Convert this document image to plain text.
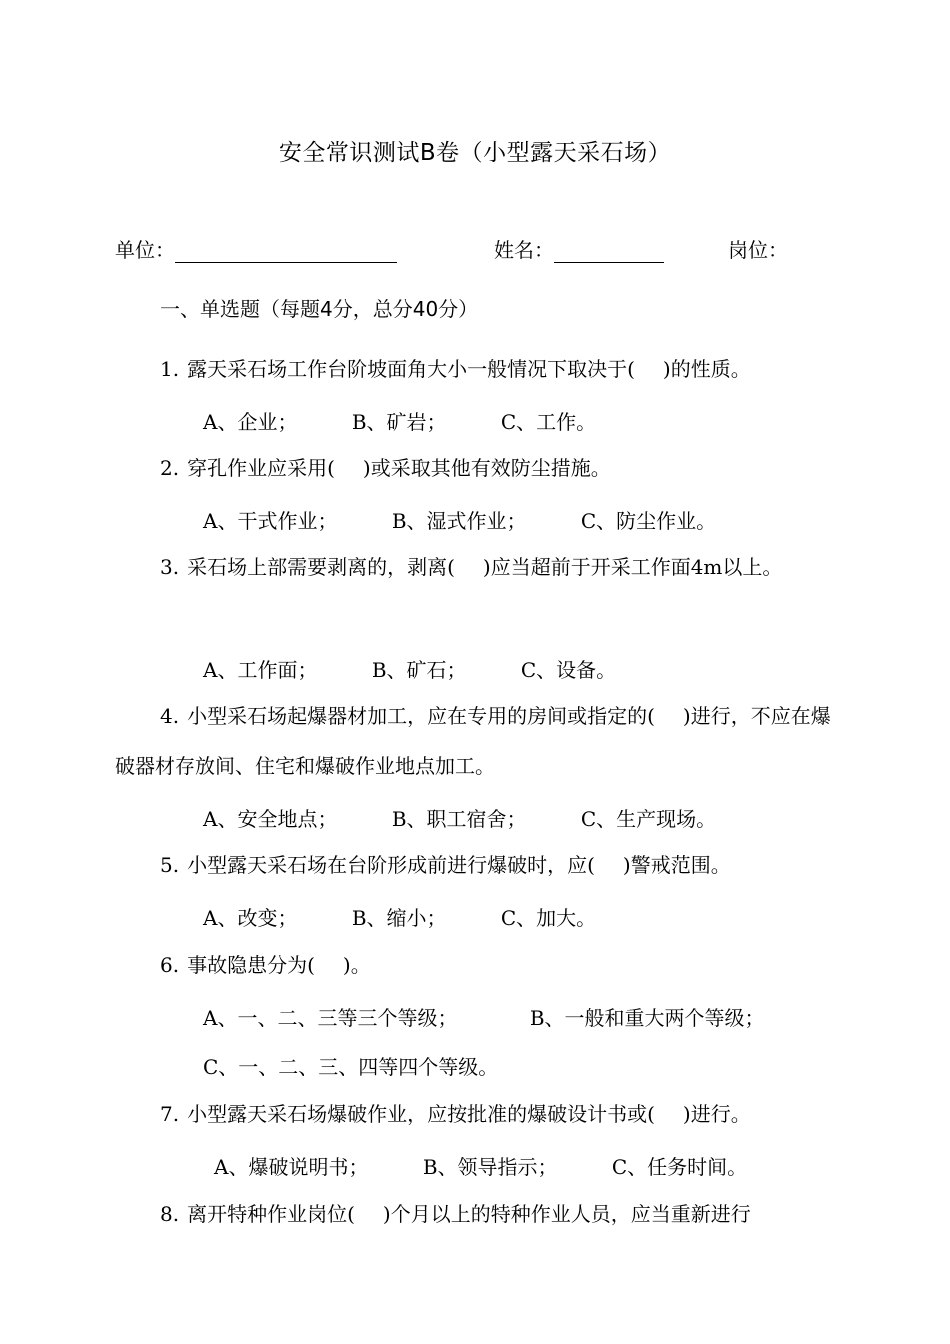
安全常识测试B卷（小型露天采石场）
单位：	姓名：	岗位：
一、单选题（每题4分，总分40分）
1. 露天采石场工作台阶坡面角大小一般情况下取决于( )的性质。
A、企业；	B、矿岩；	C、工作。
2. 穿孔作业应采用( )或采取其他有效防尘措施。
A、干式作业；	B、湿式作业；	C、防尘作业。
3. 采石场上部需要剥离的，剥离( )应当超前于开采工作面4m以上。
A、工作面；	B、矿石；	C、设备。
4. 小型采石场起爆器材加工，应在专用的房间或指定的( )进行，不应在爆破器材存放间、住宅和爆破作业地点加工。
A、安全地点；	B、职工宿舍；	C、生产现场。
5. 小型露天采石场在台阶形成前进行爆破时，应( )警戒范围。
A、改变；	B、缩小；	C、加大。
6. 事故隐患分为( )。
A、一、二、三等三个等级；	B、一般和重大两个等级；
C、一、二、三、四等四个等级。
7. 小型露天采石场爆破作业，应按批准的爆破设计书或( )进行。
A、爆破说明书；	B、领导指示；	C、任务时间。
8. 离开特种作业岗位( )个月以上的特种作业人员，应当重新进行
